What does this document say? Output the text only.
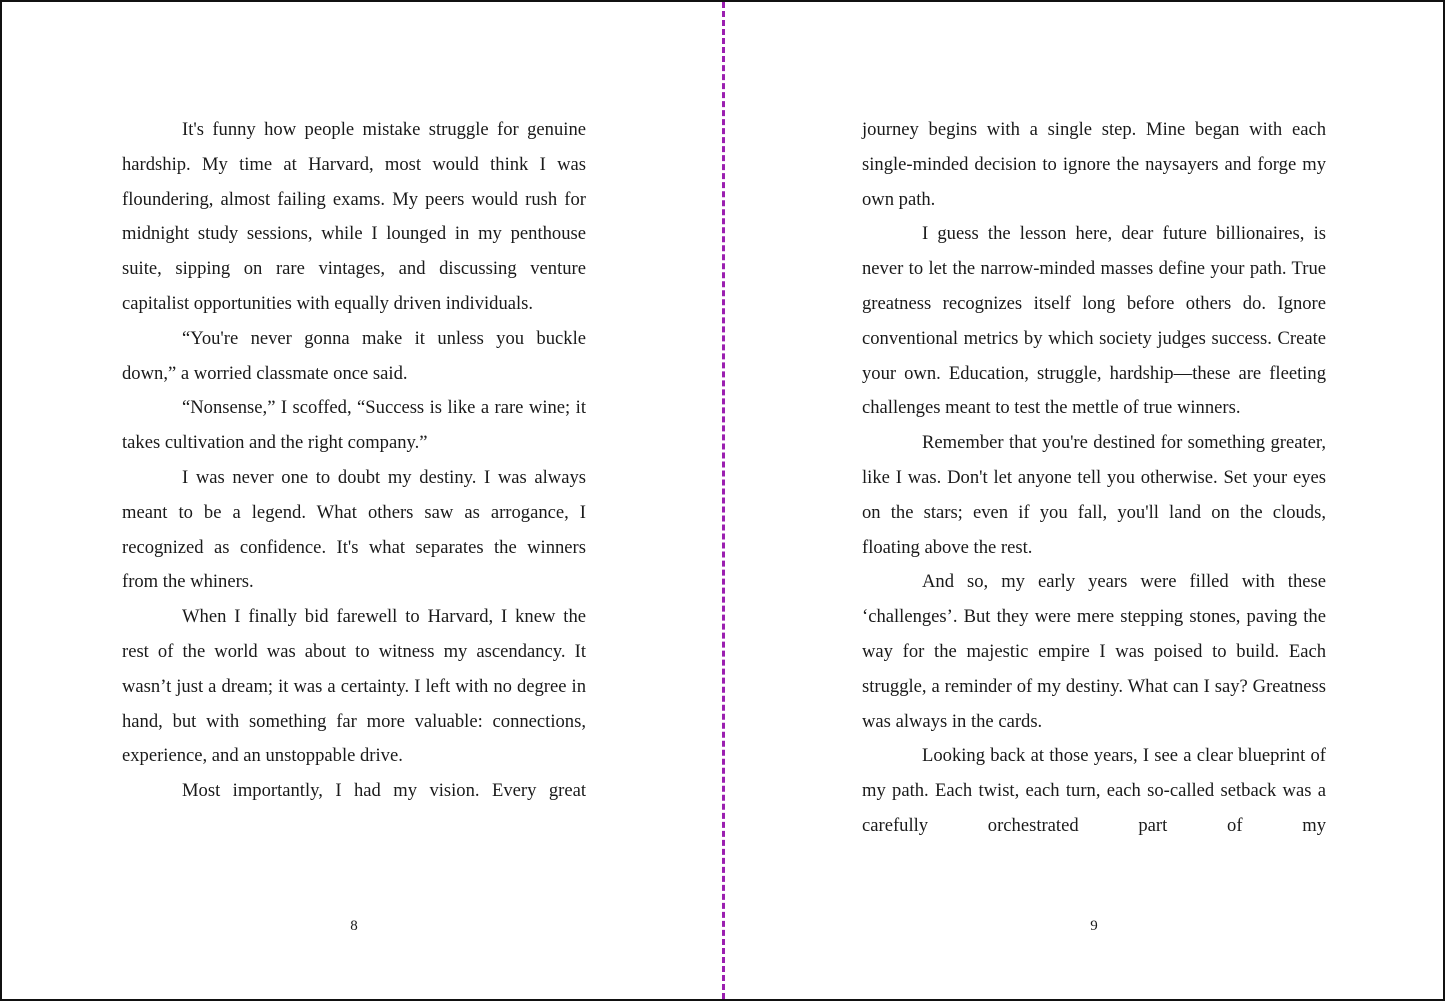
It's funny how people mistake struggle for genuine hardship. My time at Harvard, most would think I was floundering, almost failing exams. My peers would rush for midnight study sessions, while I lounged in my penthouse suite, sipping on rare vintages, and discussing venture capitalist opportunities with equally driven individuals.

“You're never gonna make it unless you buckle down,” a worried classmate once said.

“Nonsense,” I scoffed, “Success is like a rare wine; it takes cultivation and the right company.”

I was never one to doubt my destiny. I was always meant to be a legend. What others saw as arrogance, I recognized as confidence. It's what separates the winners from the whiners.

When I finally bid farewell to Harvard, I knew the rest of the world was about to witness my ascendancy. It wasn’t just a dream; it was a certainty. I left with no degree in hand, but with something far more valuable: connections, experience, and an unstoppable drive.

Most importantly, I had my vision. Every great

journey begins with a single step. Mine began with each single-minded decision to ignore the naysayers and forge my own path.

I guess the lesson here, dear future billionaires, is never to let the narrow-minded masses define your path. True greatness recognizes itself long before others do. Ignore conventional metrics by which society judges success. Create your own. Education, struggle, hardship—these are fleeting challenges meant to test the mettle of true winners.

Remember that you're destined for something greater, like I was. Don't let anyone tell you otherwise. Set your eyes on the stars; even if you fall, you'll land on the clouds, floating above the rest.

And so, my early years were filled with these ‘challenges’. But they were mere stepping stones, paving the way for the majestic empire I was poised to build. Each struggle, a reminder of my destiny. What can I say? Greatness was always in the cards.

Looking back at those years, I see a clear blueprint of my path. Each twist, each turn, each so-called setback was a carefully orchestrated part of my

8	9
